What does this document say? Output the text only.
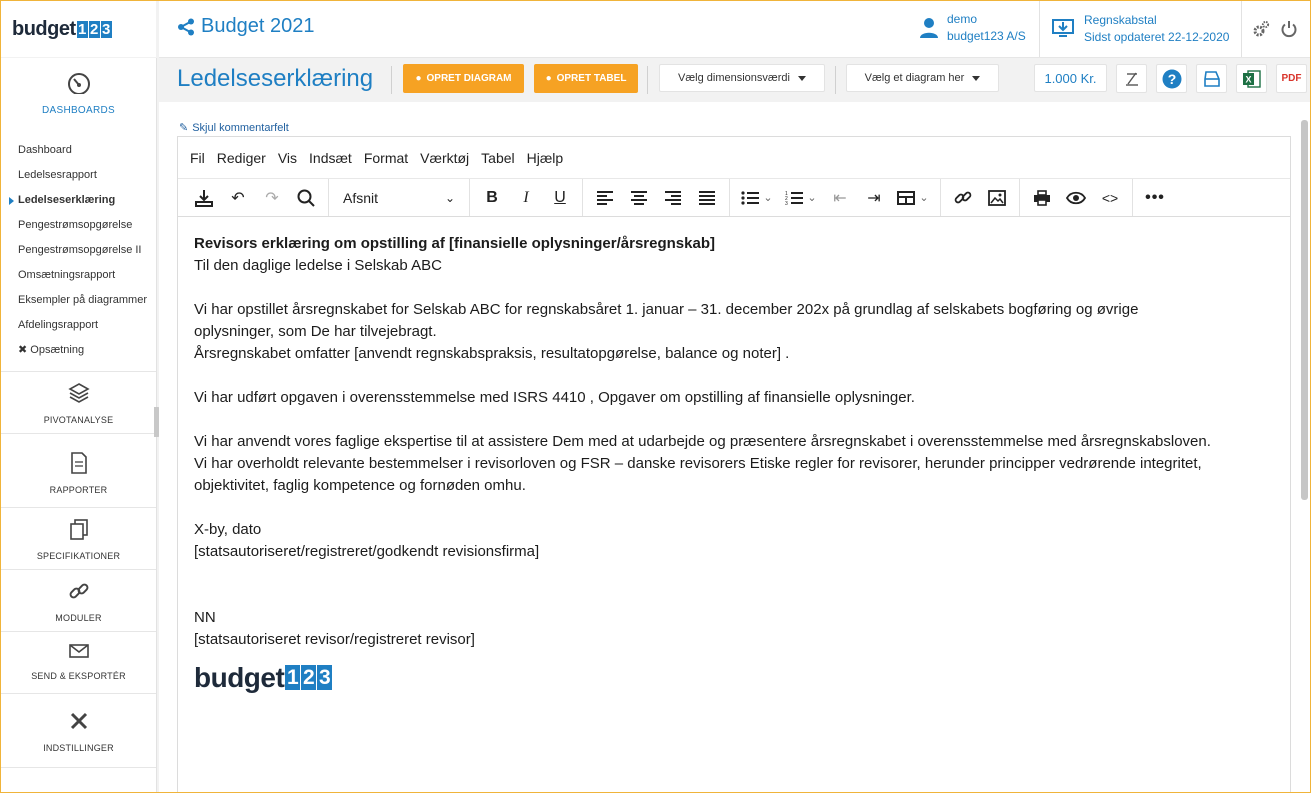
budget 1 2 3	Budget 2021	demo
budget123 A/S
Regnskabstal
Sidst opdateret 22-12-2020
DASHBOARDS
Dashboard
Ledelsesrapport
Ledelseserklæring
Pengestrømsopgørelse
Pengestrømsopgørelse II
Omsætningsrapport
Eksempler på diagrammer
Afdelingsrapport
✖ Opsætning
PIVOTANALYSE
RAPPORTER
SPECIFIKATIONER
MODULER
SEND & EKSPORTÉR
INDSTILLINGER
Ledelseserklæring	● OPRET DIAGRAM	● OPRET TABEL	Vælg dimensionsværdi	Vælg et diagram her	1.000 Kr.	?	X	PDF
✎ Skjul kommentarfelt
Fil Rediger Vis Indsæt Format Værktøj Tabel Hjælp
↶	↷	Afsnit	⌄	B	I	U	⌄	1
2
3 ⌄	⇤	⇥	⌄	<>	•••

Revisors erklæring om opstilling af [finansielle oplysninger/årsregnskab]

Til den daglige ledelse i Selskab ABC

Vi har opstillet årsregnskabet for Selskab ABC for regnskabsåret 1. januar – 31. december 202x på grundlag af selskabets bogføring og øvrige

oplysninger, som De har tilvejebragt.

Årsregnskabet omfatter [anvendt regnskabspraksis, resultatopgørelse, balance og noter] .

Vi har udført opgaven i overensstemmelse med ISRS 4410 , Opgaver om opstilling af finansielle oplysninger.

Vi har anvendt vores faglige ekspertise til at assistere Dem med at udarbejde og præsentere årsregnskabet i overensstemmelse med årsregnskabsloven.

Vi har overholdt relevante bestemmelser i revisorloven og FSR – danske revisorers Etiske regler for revisorer, herunder principper vedrørende integritet,

objektivitet, faglig kompetence og fornøden omhu.

X-by, dato

[statsautoriseret/registreret/godkendt revisionsfirma]

NN

[statsautoriseret revisor/registreret revisor]

budget 1 2 3
